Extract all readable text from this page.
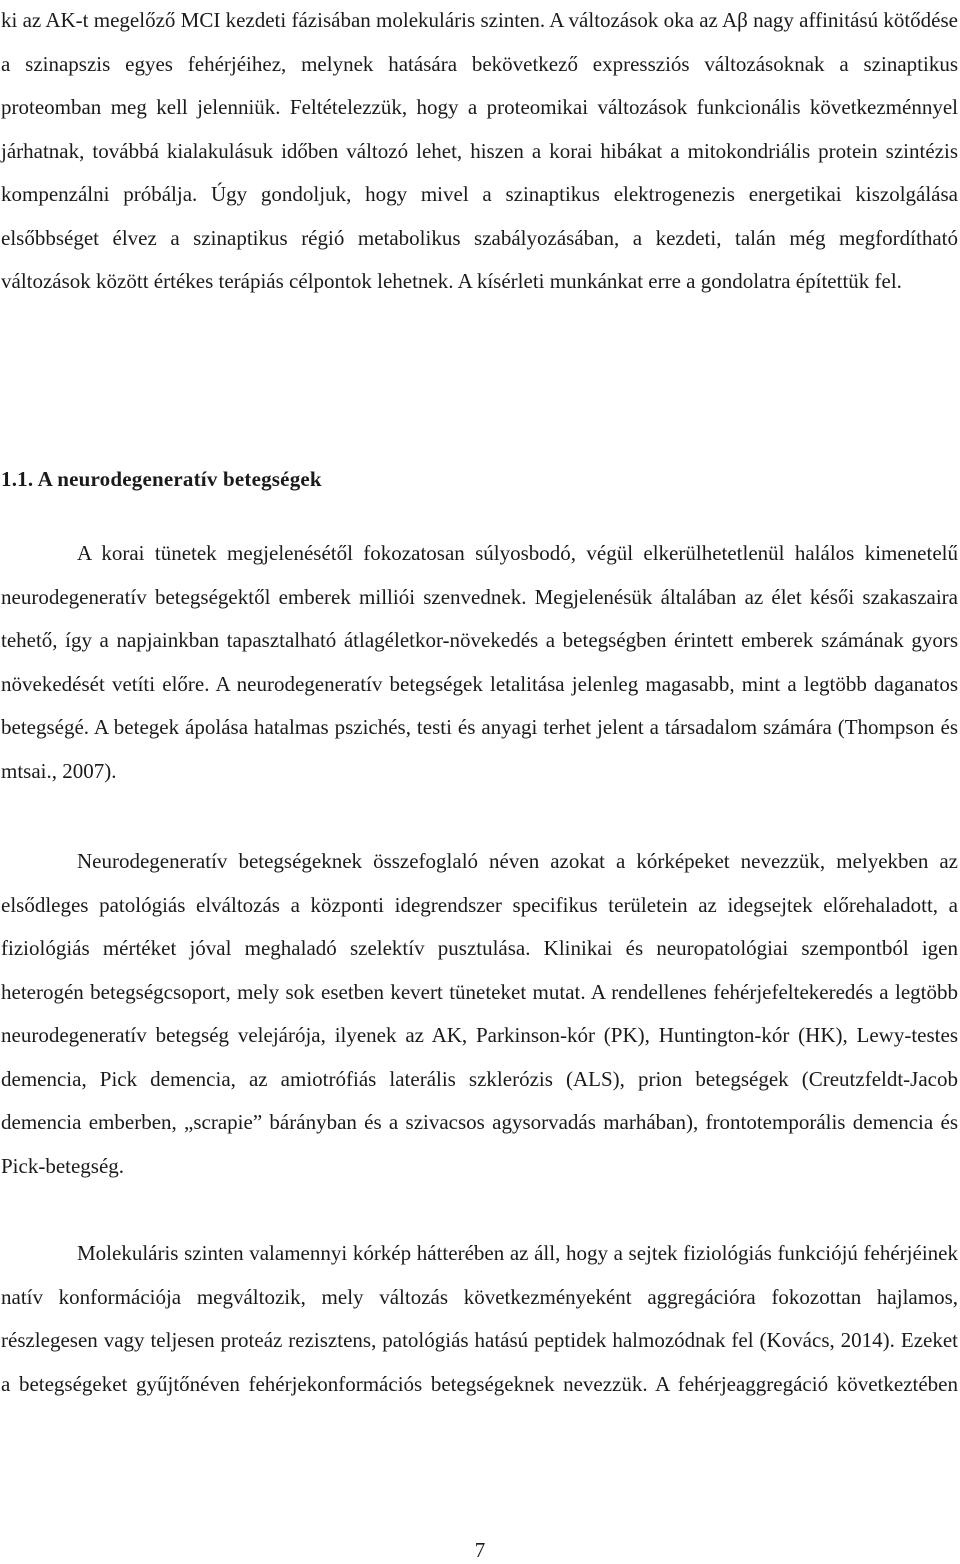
ki az AK-t megelőző MCI kezdeti fázisában molekuláris szinten. A változások oka az Aβ nagy affinitású kötődése a szinapszis egyes fehérjéihez, melynek hatására bekövetkező expressziós változásoknak a szinaptikus proteomban meg kell jelenniük. Feltételezzük, hogy a proteomikai változások funkcionális következménnyel járhatnak, továbbá kialakulásuk időben változó lehet, hiszen a korai hibákat a mitokondriális protein szintézis kompenzálni próbálja. Úgy gondoljuk, hogy mivel a szinaptikus elektrogenezis energetikai kiszolgálása elsőbbséget élvez a szinaptikus régió metabolikus szabályozásában, a kezdeti, talán még megfordítható változások között értékes terápiás célpontok lehetnek. A kísérleti munkánkat erre a gondolatra építettük fel.

1.1. A neurodegeneratív betegségek

A korai tünetek megjelenésétől fokozatosan súlyosbodó, végül elkerülhetetlenül halálos kimenetelű neurodegeneratív betegségektől emberek milliói szenvednek. Megjelenésük általában az élet késői szakaszaira tehető, így a napjainkban tapasztalható átlagéletkor-növekedés a betegségben érintett emberek számának gyors növekedését vetíti előre. A neurodegeneratív betegségek letalitása jelenleg magasabb, mint a legtöbb daganatos betegségé. A betegek ápolása hatalmas pszichés, testi és anyagi terhet jelent a társadalom számára (Thompson és mtsai., 2007).

Neurodegeneratív betegségeknek összefoglaló néven azokat a kórképeket nevezzük, melyekben az elsődleges patológiás elváltozás a központi idegrendszer specifikus területein az idegsejtek előrehaladott, a fiziológiás mértéket jóval meghaladó szelektív pusztulása. Klinikai és neuropatológiai szempontból igen heterogén betegségcsoport, mely sok esetben kevert tüneteket mutat. A rendellenes fehérjefeltekeredés a legtöbb neurodegeneratív betegség velejárója, ilyenek az AK, Parkinson-kór (PK), Huntington-kór (HK), Lewy-testes demencia, Pick demencia, az amiotrófiás laterális szklerózis (ALS), prion betegségek (Creutzfeldt-Jacob demencia emberben, „scrapie” bárányban és a szivacsos agysorvadás marhában), frontotemporális demencia és Pick-betegség.

Molekuláris szinten valamennyi kórkép hátterében az áll, hogy a sejtek fiziológiás funkciójú fehérjéinek natív konformációja megváltozik, mely változás következményeként aggregációra fokozottan hajlamos, részlegesen vagy teljesen proteáz rezisztens, patológiás hatású peptidek halmozódnak fel (Kovács, 2014). Ezeket a betegségeket gyűjtőnéven fehérjekonformációs betegségeknek nevezzük. A fehérjeaggregáció következtében

7
